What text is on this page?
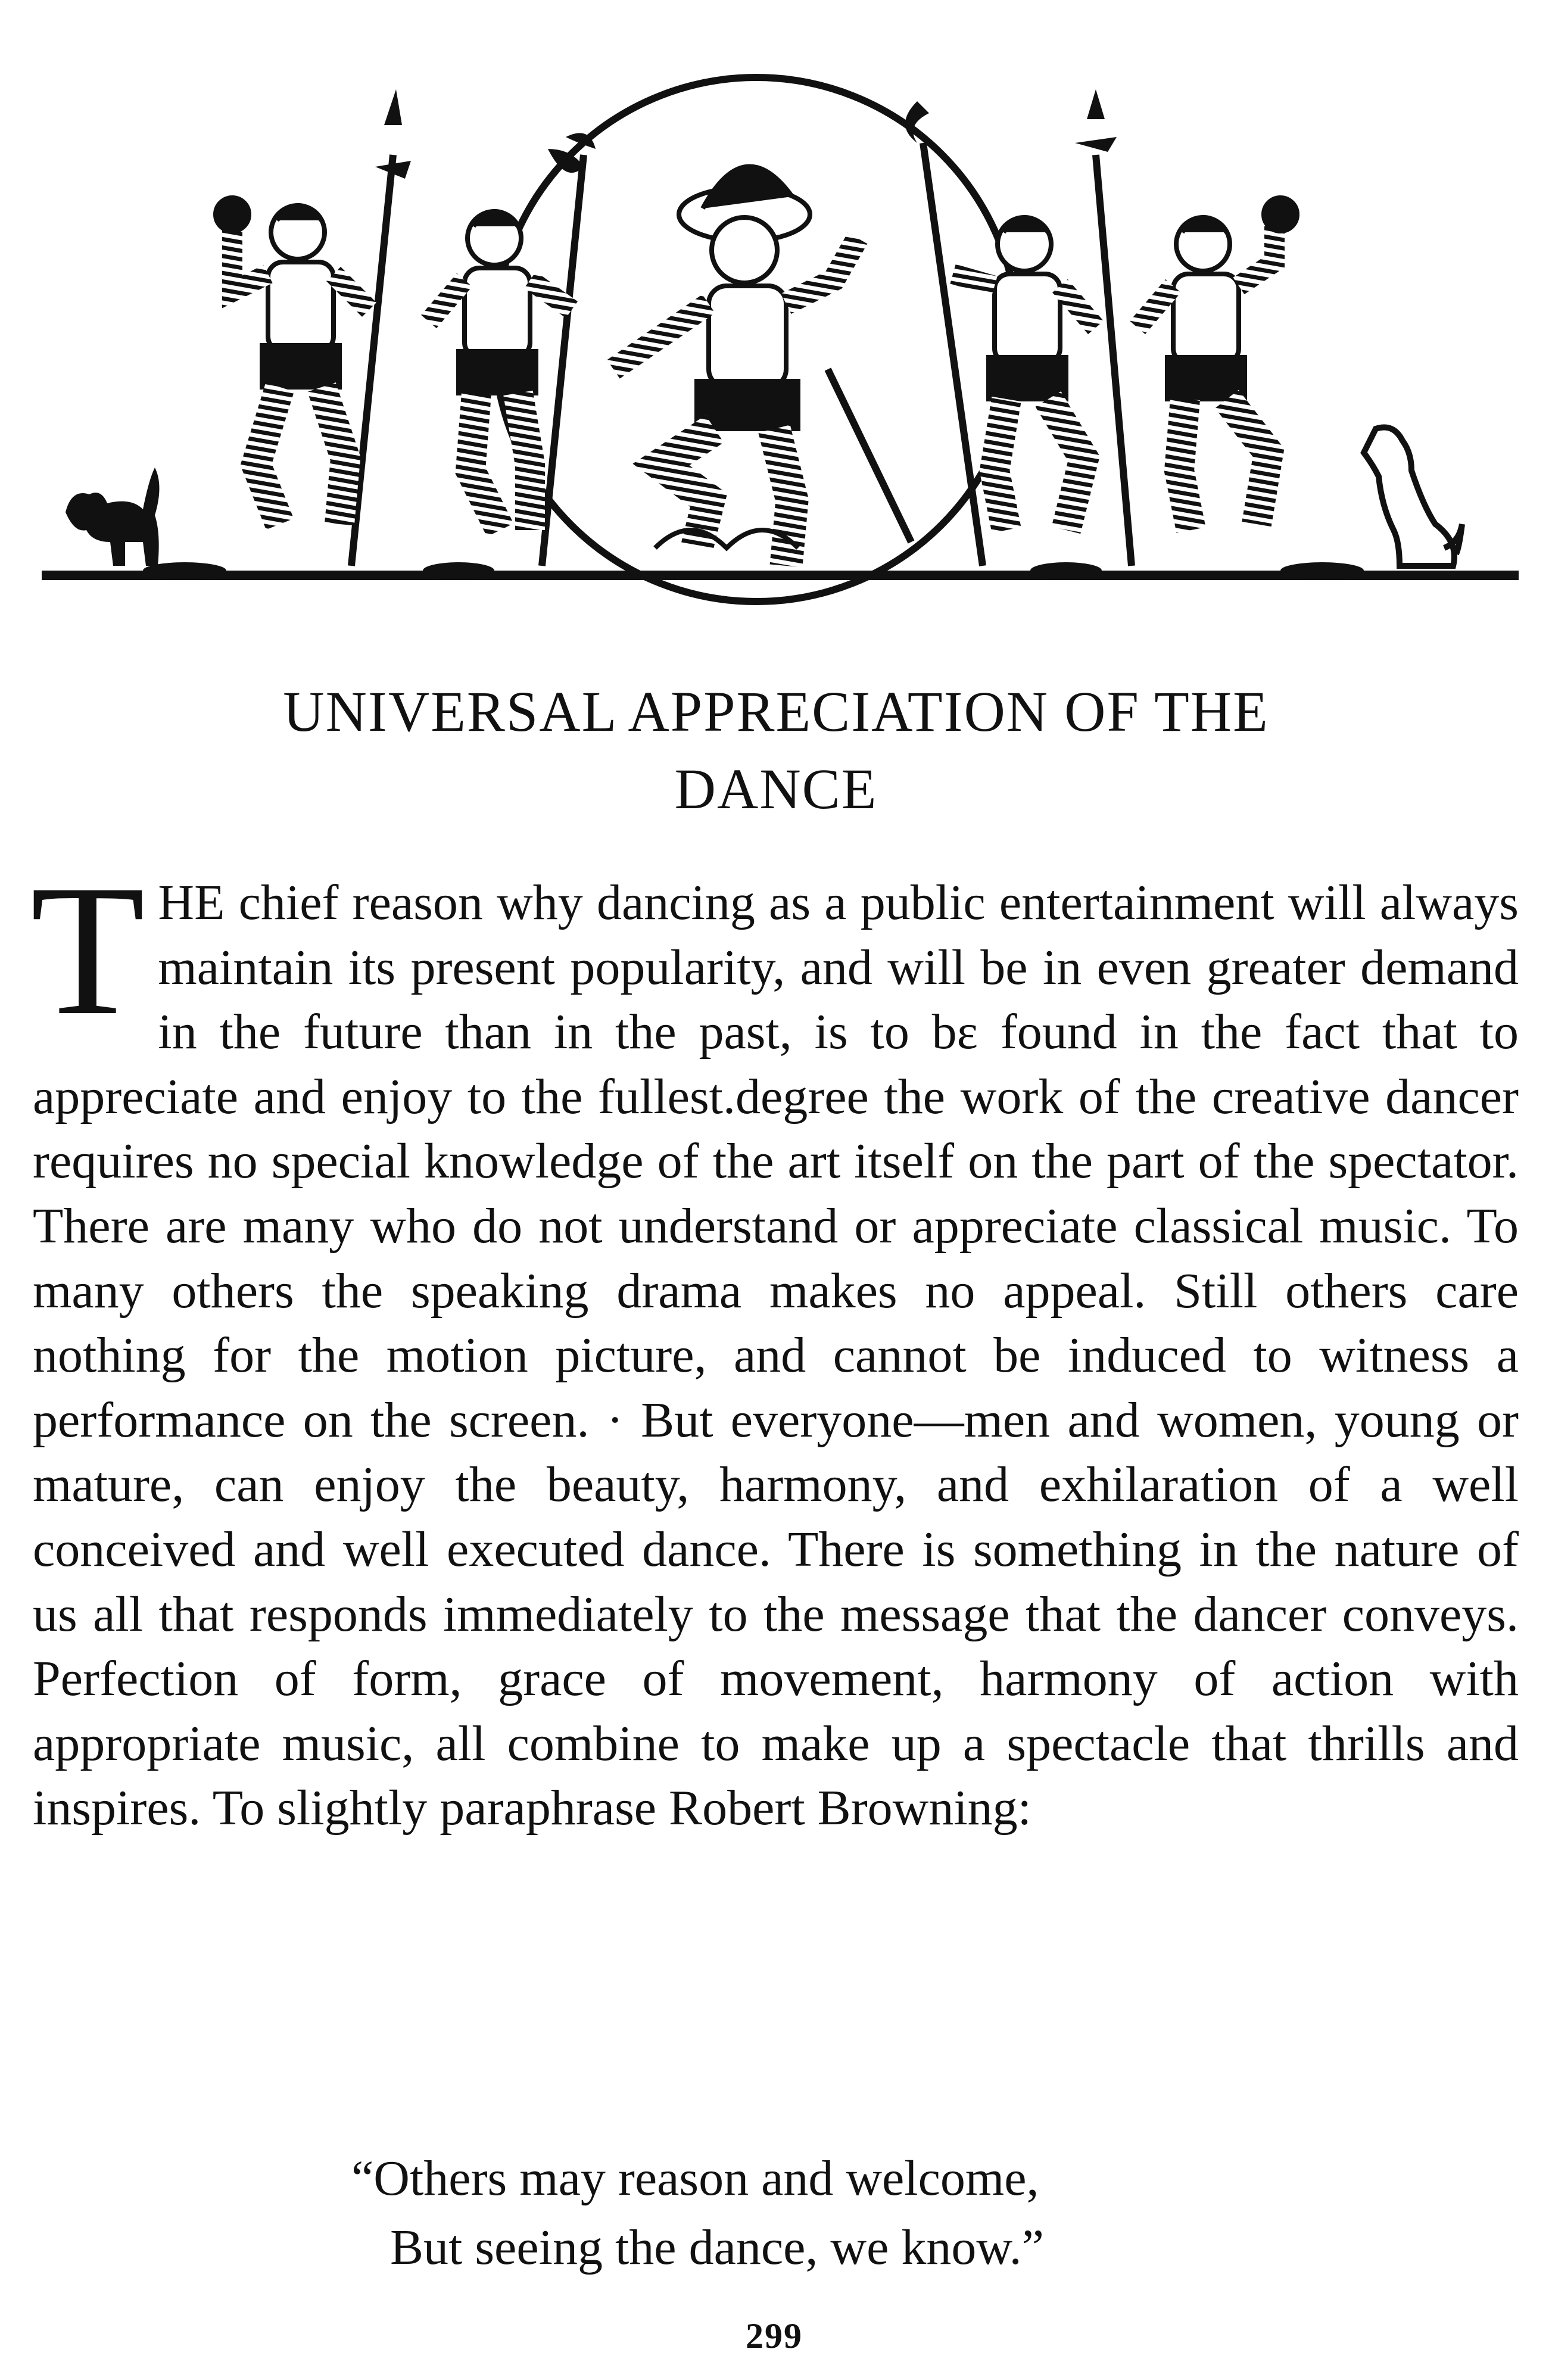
UNIVERSAL APPRECIATION OF THE
DANCE

THE chief reason why dancing as a public entertainment will always maintain its present popularity, and will be in even greater demand in the future than in the past, is to bε found in the fact that to appreciate and enjoy to the fullest.degree the work of the creative dancer requires no special knowledge of the art itself on the part of the spectator. There are many who do not understand or appreciate classical music. To many others the speaking drama makes no appeal. Still others care nothing for the motion picture, and cannot be induced to witness a performance on the screen. · But everyone—men and women, young or mature, can enjoy the beauty, harmony, and exhilaration of a well conceived and well executed dance. There is something in the nature of us all that responds immediately to the message that the dancer conveys. Perfection of form, grace of movement, harmony of action with appropriate music, all combine to make up a spectacle that thrills and inspires. To slightly paraphrase Robert Browning:

“Others may reason and welcome,
But seeing the dance, we know.”
299
